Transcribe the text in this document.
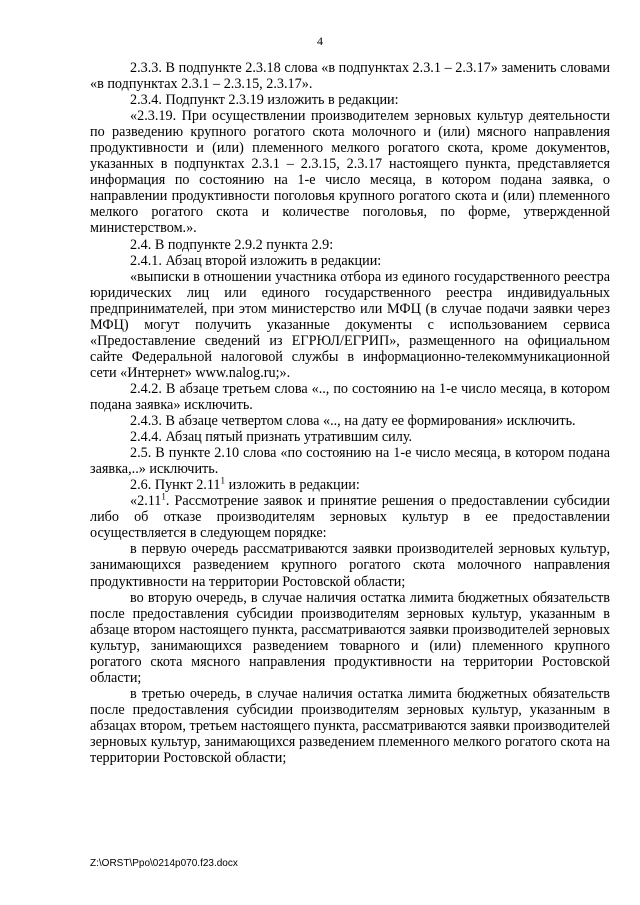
4

2.3.3. В подпункте 2.3.18 слова «в подпунктах 2.3.1 – 2.3.17» заменить словами «в подпунктах 2.3.1 – 2.3.15, 2.3.17».

2.3.4. Подпункт 2.3.19 изложить в редакции:

«2.3.19. При осуществлении производителем зерновых культур деятельности по разведению крупного рогатого скота молочного и (или) мясного направления продуктивности и (или) племенного мелкого рогатого скота, кроме документов, указанных в подпунктах 2.3.1 – 2.3.15, 2.3.17 настоящего пункта, представляется информация по состоянию на 1-е число месяца, в котором подана заявка, о направлении продуктивности поголовья крупного рогатого скота и (или) племенного мелкого рогатого скота и количестве поголовья, по форме, утвержденной министерством.».

2.4. В подпункте 2.9.2 пункта 2.9:

2.4.1. Абзац второй изложить в редакции:

«выписки в отношении участника отбора из единого государственного реестра юридических лиц или единого государственного реестра индивидуальных предпринимателей, при этом министерство или МФЦ (в случае подачи заявки через МФЦ) могут получить указанные документы с использованием сервиса «Предоставление сведений из ЕГРЮЛ/ЕГРИП», размещенного на официальном сайте Федеральной налоговой службы в информационно-телекоммуникационной сети «Интернет» www.nalog.ru;».

2.4.2. В абзаце третьем слова «.., по состоянию на 1-е число месяца, в котором подана заявка» исключить.

2.4.3. В абзаце четвертом слова «.., на дату ее формирования» исключить.

2.4.4. Абзац пятый признать утратившим силу.

2.5. В пункте 2.10 слова «по состоянию на 1-е число месяца, в котором подана заявка,..» исключить.

2.6. Пункт 2.11$^1$ изложить в редакции:

«2.11$^1$. Рассмотрение заявок и принятие решения о предоставлении субсидии либо об отказе производителям зерновых культур в ее предоставлении осуществляется в следующем порядке:

в первую очередь рассматриваются заявки производителей зерновых культур, занимающихся разведением крупного рогатого скота молочного направления продуктивности на территории Ростовской области;

во вторую очередь, в случае наличия остатка лимита бюджетных обязательств после предоставления субсидии производителям зерновых культур, указанным в абзаце втором настоящего пункта, рассматриваются заявки производителей зерновых культур, занимающихся разведением товарного и (или) племенного крупного рогатого скота мясного направления продуктивности на территории Ростовской области;

в третью очередь, в случае наличия остатка лимита бюджетных обязательств после предоставления субсидии производителям зерновых культур, указанным в абзацах втором, третьем настоящего пункта, рассматриваются заявки производителей зерновых культур, занимающихся разведением племенного мелкого рогатого скота на территории Ростовской области;

Z:\ORST\Ppo\0214p070.f23.docx
